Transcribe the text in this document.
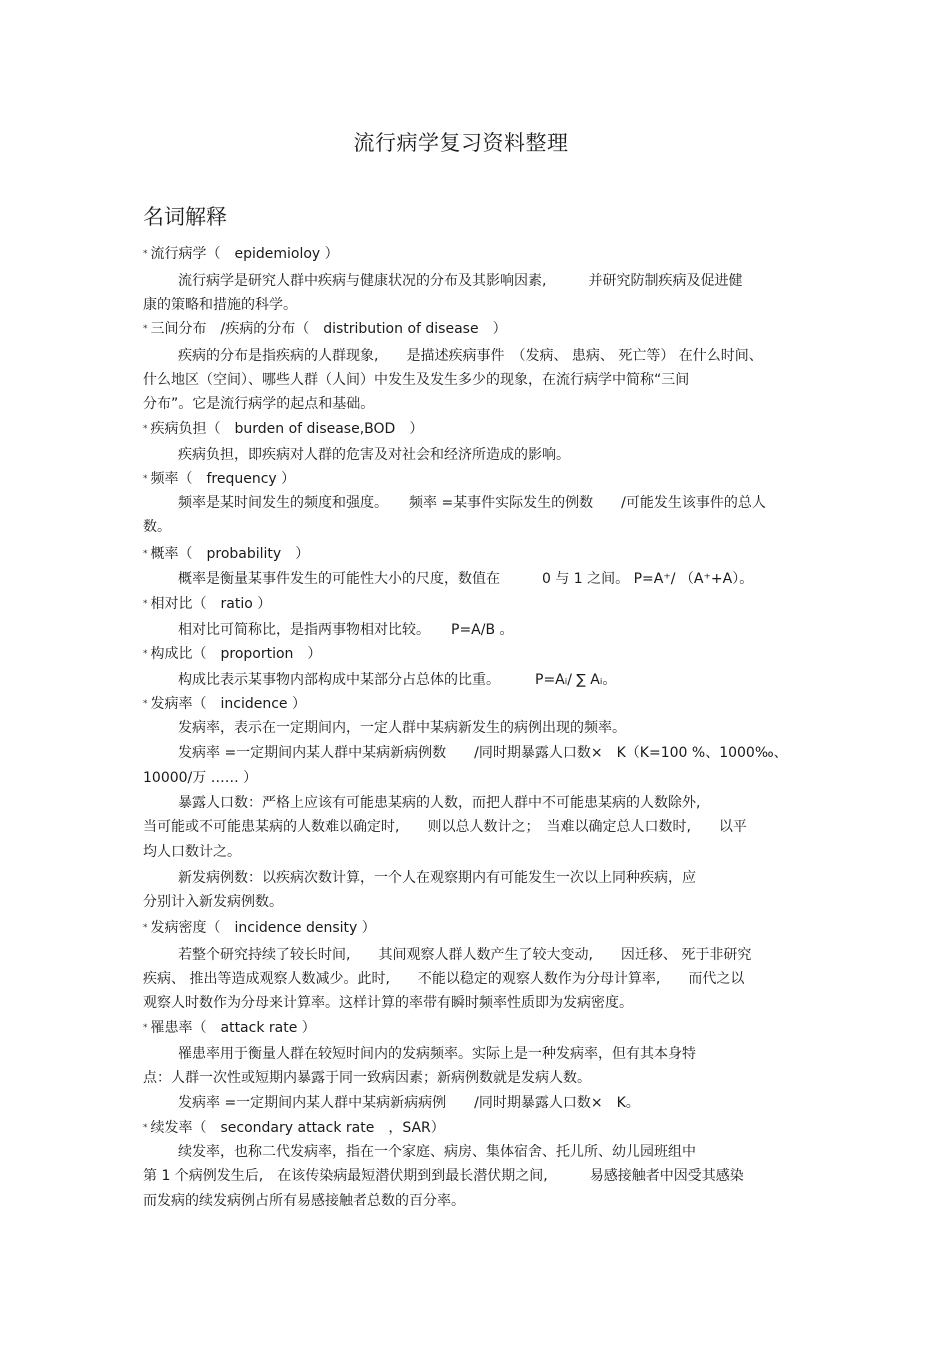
流行病学复习资料整理
名词解释
* 流行病学（　epidemioloy ）
流行病学是研究人群中疾病与健康状况的分布及其影响因素,　　　并研究防制疾病及促进健
康的策略和措施的科学。
* 三间分布　/疾病的分布（　distribution of disease　）
疾病的分布是指疾病的人群现象,　　是描述疾病事件　（发病、 患病、 死亡等） 在什么时间、
什么地区（空间）、哪些人群（人间）中发生及发生多少的现象，在流行病学中简称“三间
分布”。它是流行病学的起点和基础。
* 疾病负担（　burden of disease,BOD　）
疾病负担，即疾病对人群的危害及对社会和经济所造成的影响。
* 频率（　frequency ）
频率是某时间发生的频度和强度。　　频率 =某事件实际发生的例数　　/可能发生该事件的总人
数。
* 概率（　probability　）
概率是衡量某事件发生的可能性大小的尺度，数值在　　　0 与 1 之间。 P=A⁺/ （A⁺+A）。
* 相对比（　ratio ）
相对比可简称比，是指两事物相对比较。　　P=A/B 。
* 构成比（　proportion　）
构成比表示某事物内部构成中某部分占总体的比重。　　　P=Aᵢ/ ∑ Aᵢ。
* 发病率（　incidence ）
发病率，表示在一定期间内，一定人群中某病新发生的病例出现的频率。
发病率 =一定期间内某人群中某病新病例数　　/同时期暴露人口数×　K（K=100 %、1000‰、
10000/万 …… ）
暴露人口数：严格上应该有可能患某病的人数，而把人群中不可能患某病的人数除外,
当可能或不可能患某病的人数难以确定时,　　则以总人数计之；　当难以确定总人口数时,　　以平
均人口数计之。
新发病例数：以疾病次数计算，一个人在观察期内有可能发生一次以上同种疾病，应
分别计入新发病例数。
* 发病密度（　incidence density ）
若整个研究持续了较长时间,　　其间观察人群人数产生了较大变动,　　因迁移、 死于非研究
疾病、 推出等造成观察人数减少。此时,　　不能以稳定的观察人数作为分母计算率,　　而代之以
观察人时数作为分母来计算率。这样计算的率带有瞬时频率性质即为发病密度。
* 罹患率（　attack rate ）
罹患率用于衡量人群在较短时间内的发病频率。实际上是一种发病率，但有其本身特
点：人群一次性或短期内暴露于同一致病因素；新病例数就是发病人数。
发病率 =一定期间内某人群中某病新病病例　　/同时期暴露人口数×　K。
* 续发率（　secondary attack rate　，SAR）
续发率，也称二代发病率，指在一个家庭、病房、集体宿舍、托儿所、幼儿园班组中
第 1 个病例发生后,　在该传染病最短潜伏期到到最长潜伏期之间,　　　易感接触者中因受其感染
而发病的续发病例占所有易感接触者总数的百分率。
